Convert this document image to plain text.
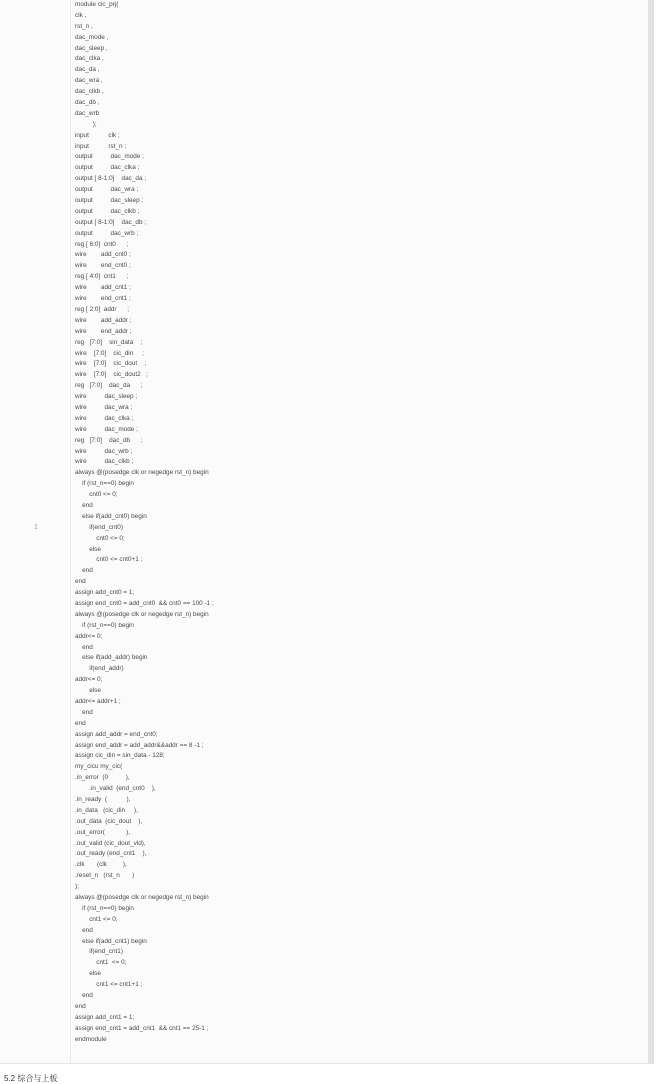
1
module cic_prj(
clk ,
rst_n ,
dac_mode ,
dac_sleep ,
dac_clka ,
dac_da ,
dac_wra ,
dac_clkb ,
dac_db ,
dac_wrb
);
input           clk ;
input           rst_n ;
output          dac_mode ;
output          dac_clka ;
output [ 8-1:0]    dac_da ;
output          dac_wra ;
output          dac_sleep ;
output          dac_clkb ;
output [ 8-1:0]    dac_db ;
output          dac_wrb ;
reg [ 6:0]  cnt0      ;
wire        add_cnt0 ;
wire        end_cnt0 ;
reg [ 4:0]  cnt1      ;
wire        add_cnt1 ;
wire        end_cnt1 ;
reg [ 2:0]  addr      ;
wire        add_addr ;
wire        end_addr ;
reg   [7:0]    sin_data    ;
wire    [7:0]    cic_din     ;
wire    [7:0]    cic_dout    ;
wire    [7:0]    cic_dout2   ;
reg   [7:0]    dac_da      ;
wire          dac_sleep ;
wire          dac_wra ;
wire          dac_clka ;
wire          dac_mode ;
reg   [7:0]    dac_db      ;
wire          dac_wrb ;
wire          dac_clkb ;
always @(posedge clk or negedge rst_n) begin
if (rst_n==0) begin
cnt0 <= 0;
end
else if(add_cnt0) begin
if(end_cnt0)
cnt0 <= 0;
else
cnt0 <= cnt0+1 ;
end
end
assign add_cnt0 = 1;
assign end_cnt0 = add_cnt0  && cnt0 == 100 -1 ;
always @(posedge clk or negedge rst_n) begin
if (rst_n==0) begin
addr<= 0;
end
else if(add_addr) begin
if(end_addr)
addr<= 0;
else
addr<= addr+1 ;
end
end
assign add_addr = end_cnt0;
assign end_addr = add_addr&&addr == 8 -1 ;
assign cic_din = sin_data - 128;
my_cicu my_cic(
.in_error  (0          ),
.in_valid  (end_cnt0    ),
.in_ready  (           ),
.in_data   (cic_din     ),
.out_data  (cic_dout    ),
.out_error(            ),
.out_valid (cic_dout_vld),
.out_ready (end_cnt1    ),
.clk       (clk         ),
.reset_n   (rst_n       )
);
always @(posedge clk or negedge rst_n) begin
if (rst_n==0) begin
cnt1 <= 0;
end
else if(add_cnt1) begin
if(end_cnt1)
cnt1  <= 0;
else
cnt1 <= cnt1+1 ;
end
end
assign add_cnt1 = 1;
assign end_cnt1 = add_cnt1  && cnt1 == 25-1 ;
endmodule
5.2 综合与上板
